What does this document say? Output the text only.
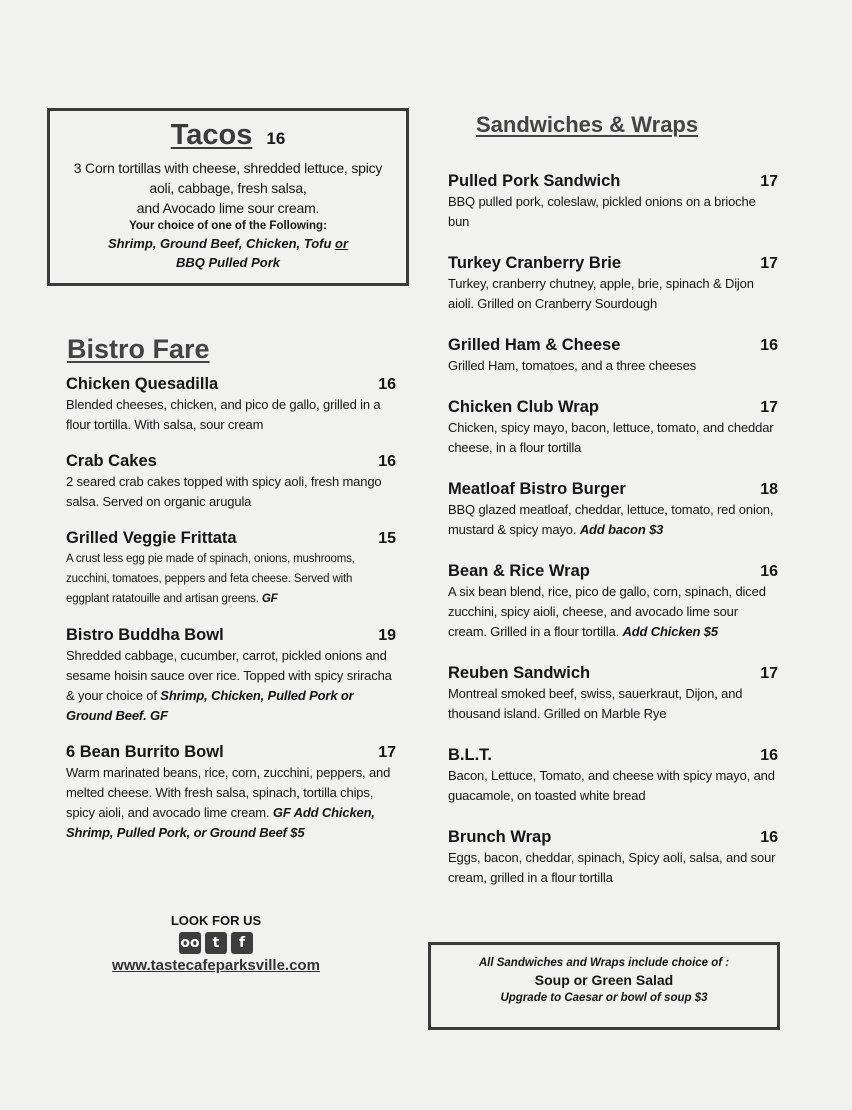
Tacos 16
3 Corn tortillas with cheese, shredded lettuce, spicy
aoli, cabbage, fresh salsa,
and Avocado lime sour cream.
Your choice of one of the Following:
Shrimp, Ground Beef, Chicken, Tofu or
BBQ Pulled Pork
Bistro Fare
Sandwiches & Wraps
Chicken Quesadilla	16
Blended cheeses, chicken, and pico de gallo, grilled in a flour tortilla. With salsa, sour cream
Crab Cakes	16
2 seared crab cakes topped with spicy aoli, fresh mango salsa. Served on organic arugula
Grilled Veggie Frittata	15
A crust less egg pie made of spinach, onions, mushrooms, zucchini, tomatoes, peppers and feta cheese. Served with eggplant ratatouille and artisan greens. GF
Bistro Buddha Bowl	19
Shredded cabbage, cucumber, carrot, pickled onions and sesame hoisin sauce over rice. Topped with spicy sriracha & your choice of Shrimp, Chicken, Pulled Pork or Ground Beef. GF
6 Bean Burrito Bowl	17
Warm marinated beans, rice, corn, zucchini, peppers, and melted cheese. With fresh salsa, spinach, tortilla chips, spicy aioli, and avocado lime cream. GF Add Chicken, Shrimp, Pulled Pork, or Ground Beef $5
Pulled Pork Sandwich	17
BBQ pulled pork, coleslaw, pickled onions on a brioche bun
Turkey Cranberry Brie	17
Turkey, cranberry chutney, apple, brie, spinach & Dijon aioli. Grilled on Cranberry Sourdough
Grilled Ham & Cheese	16
Grilled Ham, tomatoes, and a three cheeses
Chicken Club Wrap	17
Chicken, spicy mayo, bacon, lettuce, tomato, and cheddar cheese, in a flour tortilla
Meatloaf Bistro Burger	18
BBQ glazed meatloaf, cheddar, lettuce, tomato, red onion, mustard & spicy mayo. Add bacon $3
Bean & Rice Wrap	16
A six bean blend, rice, pico de gallo, corn, spinach, diced zucchini, spicy aioli, cheese, and avocado lime sour cream. Grilled in a flour tortilla. Add Chicken $5
Reuben Sandwich	17
Montreal smoked beef, swiss, sauerkraut, Dijon, and thousand island. Grilled on Marble Rye
B.L.T.	16
Bacon, Lettuce, Tomato, and cheese with spicy mayo, and guacamole, on toasted white bread
Brunch Wrap	16
Eggs, bacon, cheddar, spinach, Spicy aoli, salsa, and sour cream, grilled in a flour tortilla
LOOK FOR US
oo t	f
www.tastecafeparksville.com	All Sandwiches and Wraps include choice of :
Soup or Green Salad
Upgrade to Caesar or bowl of soup $3
